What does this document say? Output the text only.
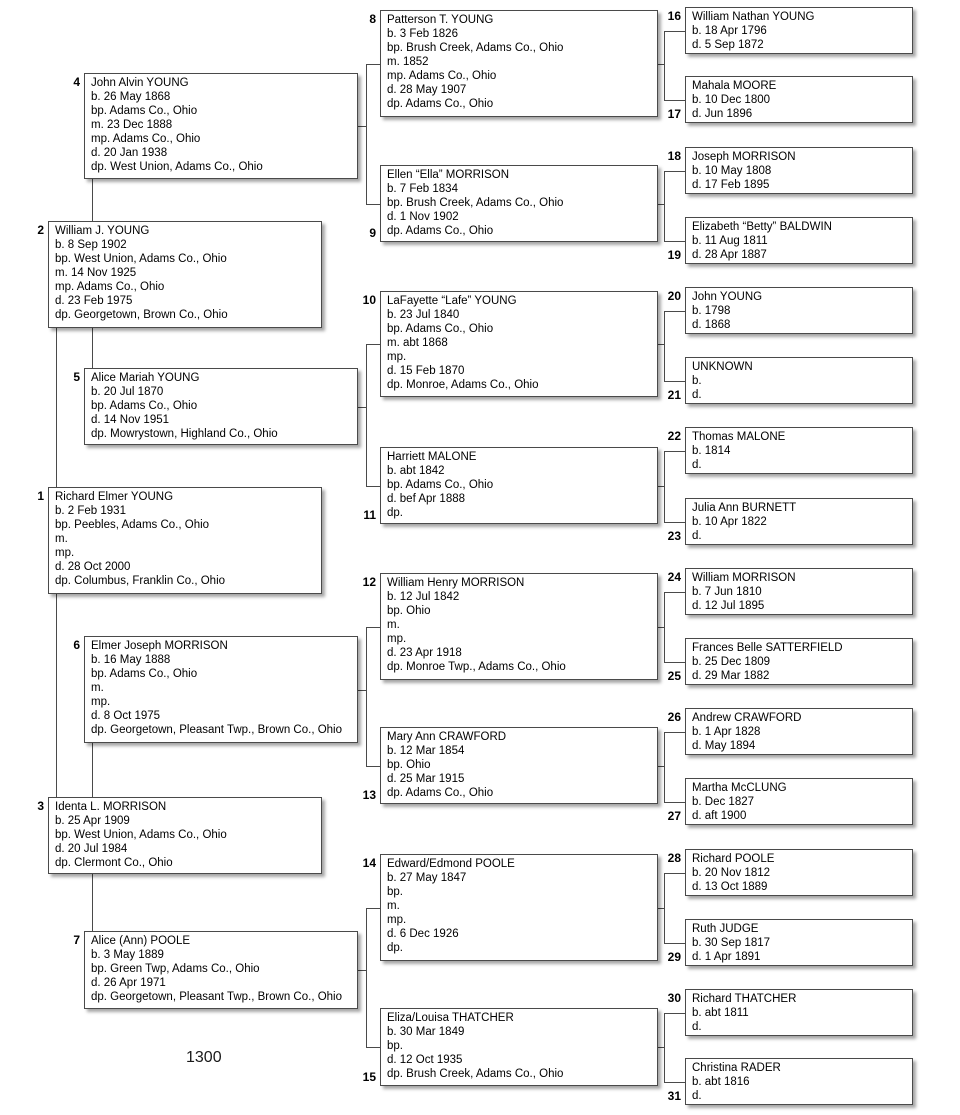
1300
Richard Elmer YOUNG
b. 2 Feb 1931
bp. Peebles, Adams Co., Ohio
m.
mp.
d. 28 Oct 2000
dp. Columbus, Franklin Co., Ohio
1
William J. YOUNG
b. 8 Sep 1902
bp. West Union, Adams Co., Ohio
m. 14 Nov 1925
mp. Adams Co., Ohio
d. 23 Feb 1975
dp. Georgetown, Brown Co., Ohio
2
Identa L. MORRISON
b. 25 Apr 1909
bp. West Union, Adams Co., Ohio
d. 20 Jul 1984
dp. Clermont Co., Ohio
3
John Alvin YOUNG
b. 26 May 1868
bp. Adams Co., Ohio
m. 23 Dec 1888
mp. Adams Co., Ohio
d. 20 Jan 1938
dp. West Union, Adams Co., Ohio
4
Alice Mariah YOUNG
b. 20 Jul 1870
bp. Adams Co., Ohio
d. 14 Nov 1951
dp. Mowrystown, Highland Co., Ohio
5
Elmer Joseph MORRISON
b. 16 May 1888
bp. Adams Co., Ohio
m.
mp.
d. 8 Oct 1975
dp. Georgetown, Pleasant Twp., Brown Co., Ohio
6
Alice (Ann) POOLE
b. 3 May 1889
bp. Green Twp, Adams Co., Ohio
d. 26 Apr 1971
dp. Georgetown, Pleasant Twp., Brown Co., Ohio
7
Patterson T. YOUNG
b. 3 Feb 1826
bp. Brush Creek, Adams Co., Ohio
m. 1852
mp. Adams Co., Ohio
d. 28 May 1907
dp. Adams Co., Ohio
8
Ellen “Ella” MORRISON
b. 7 Feb 1834
bp. Brush Creek, Adams Co., Ohio
d. 1 Nov 1902
dp. Adams Co., Ohio
9
LaFayette “Lafe” YOUNG
b. 23 Jul 1840
bp. Adams Co., Ohio
m. abt 1868
mp.
d. 15 Feb 1870
dp. Monroe, Adams Co., Ohio
10
Harriett MALONE
b. abt 1842
bp. Adams Co., Ohio
d. bef Apr 1888
dp.
11
William Henry MORRISON
b. 12 Jul 1842
bp. Ohio
m.
mp.
d. 23 Apr 1918
dp. Monroe Twp., Adams Co., Ohio
12
Mary Ann CRAWFORD
b. 12 Mar 1854
bp. Ohio
d. 25 Mar 1915
dp. Adams Co., Ohio
13
Edward/Edmond POOLE
b. 27 May 1847
bp.
m.
mp.
d. 6 Dec 1926
dp.
14
Eliza/Louisa THATCHER
b. 30 Mar 1849
bp.
d. 12 Oct 1935
dp. Brush Creek, Adams Co., Ohio
15
William Nathan YOUNG
b. 18 Apr 1796
d. 5 Sep 1872
16
Mahala MOORE
b. 10 Dec 1800
d. Jun 1896
17
Joseph MORRISON
b. 10 May 1808
d. 17 Feb 1895
18
Elizabeth “Betty” BALDWIN
b. 11 Aug 1811
d. 28 Apr 1887
19
John YOUNG
b. 1798
d. 1868
20
UNKNOWN
b.
d.
21
Thomas MALONE
b. 1814
d.
22
Julia Ann BURNETT
b. 10 Apr 1822
d.
23
William MORRISON
b. 7 Jun 1810
d. 12 Jul 1895
24
Frances Belle SATTERFIELD
b. 25 Dec 1809
d. 29 Mar 1882
25
Andrew CRAWFORD
b. 1 Apr 1828
d. May 1894
26
Martha McCLUNG
b. Dec 1827
d. aft 1900
27
Richard POOLE
b. 20 Nov 1812
d. 13 Oct 1889
28
Ruth JUDGE
b. 30 Sep 1817
d. 1 Apr 1891
29
Richard THATCHER
b. abt 1811
d.
30
Christina RADER
b. abt 1816
d.
31
